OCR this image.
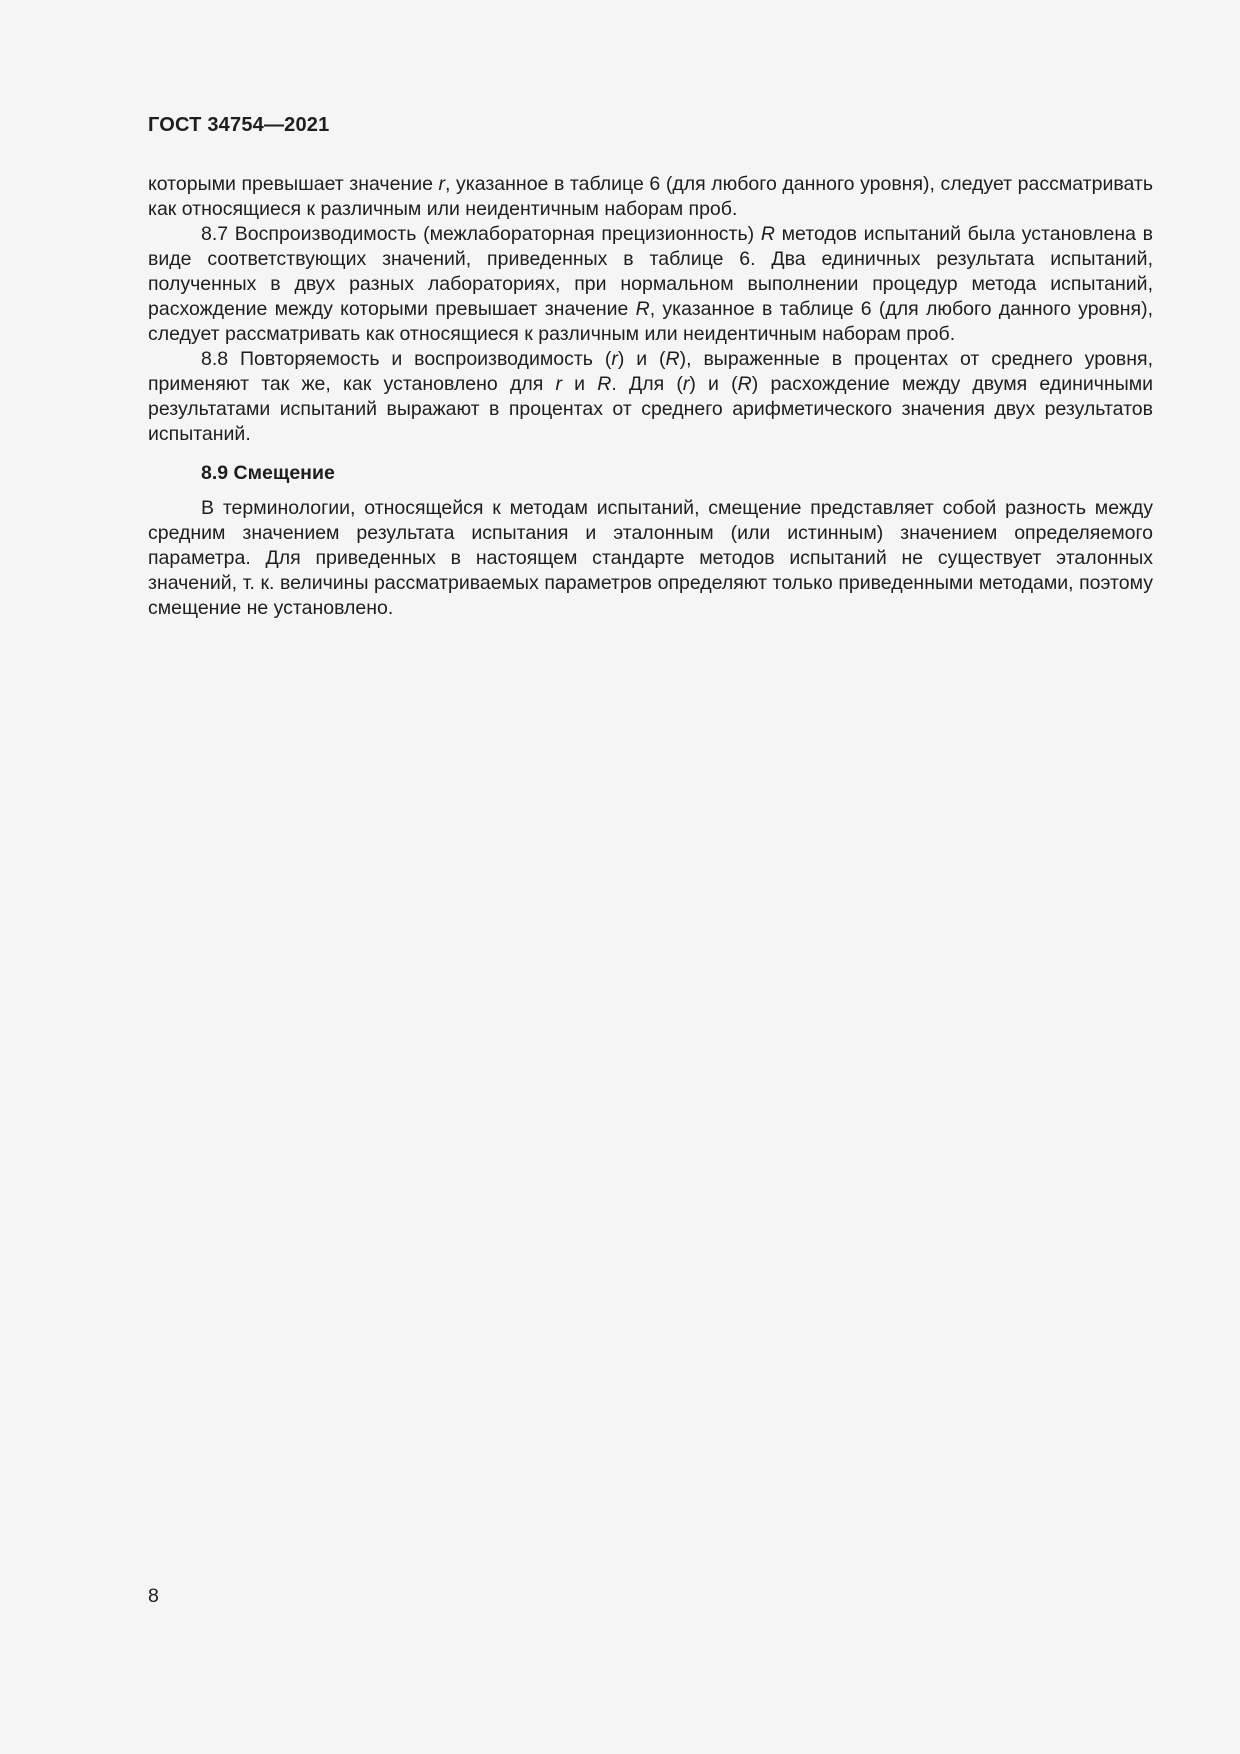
ГОСТ 34754—2021

которыми превышает значение r, указанное в таблице 6 (для любого данного уровня), следует рассматривать как относящиеся к различным или неидентичным наборам проб.

8.7 Воспроизводимость (межлабораторная прецизионность) R методов испытаний была установлена в виде соответствующих значений, приведенных в таблице 6. Два единичных результата испытаний, полученных в двух разных лабораториях, при нормальном выполнении процедур метода испытаний, расхождение между которыми превышает значение R, указанное в таблице 6 (для любого данного уровня), следует рассматривать как относящиеся к различным или неидентичным наборам проб.

8.8 Повторяемость и воспроизводимость (r) и (R), выраженные в процентах от среднего уровня, применяют так же, как установлено для r и R. Для (r) и (R) расхождение между двумя единичными результатами испытаний выражают в процентах от среднего арифметического значения двух результатов испытаний.

8.9 Смещение

В терминологии, относящейся к методам испытаний, смещение представляет собой разность между средним значением результата испытания и эталонным (или истинным) значением определяемого параметра. Для приведенных в настоящем стандарте методов испытаний не существует эталонных значений, т. к. величины рассматриваемых параметров определяют только приведенными методами, поэтому смещение не установлено.

8
